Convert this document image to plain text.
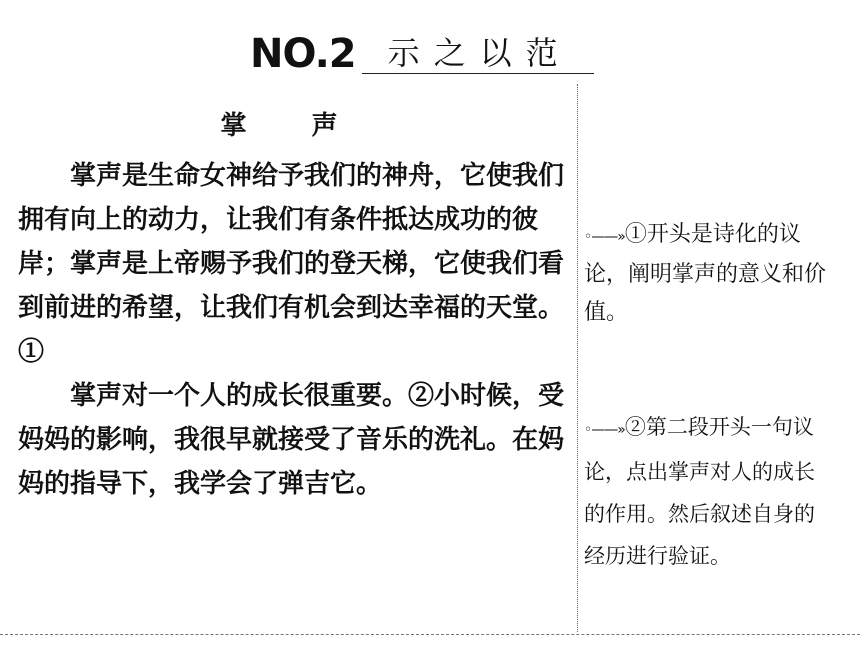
NO.2	示之以范
掌 声

掌声是生命女神给予我们的神舟，它使我们拥有向上的动力，让我们有条件抵达成功的彼岸；掌声是上帝赐予我们的登天梯，它使我们看到前进的希望，让我们有机会到达幸福的天堂。①

掌声对一个人的成长很重要。②小时候，受妈妈的影响，我很早就接受了音乐的洗礼。在妈妈的指导下，我学会了弹吉它。

◦——»①开头是诗化的议论，阐明掌声的意义和价值。
◦——»②第二段开头一句议论，点出掌声对人的成长的作用。然后叙述自身的经历进行验证。
